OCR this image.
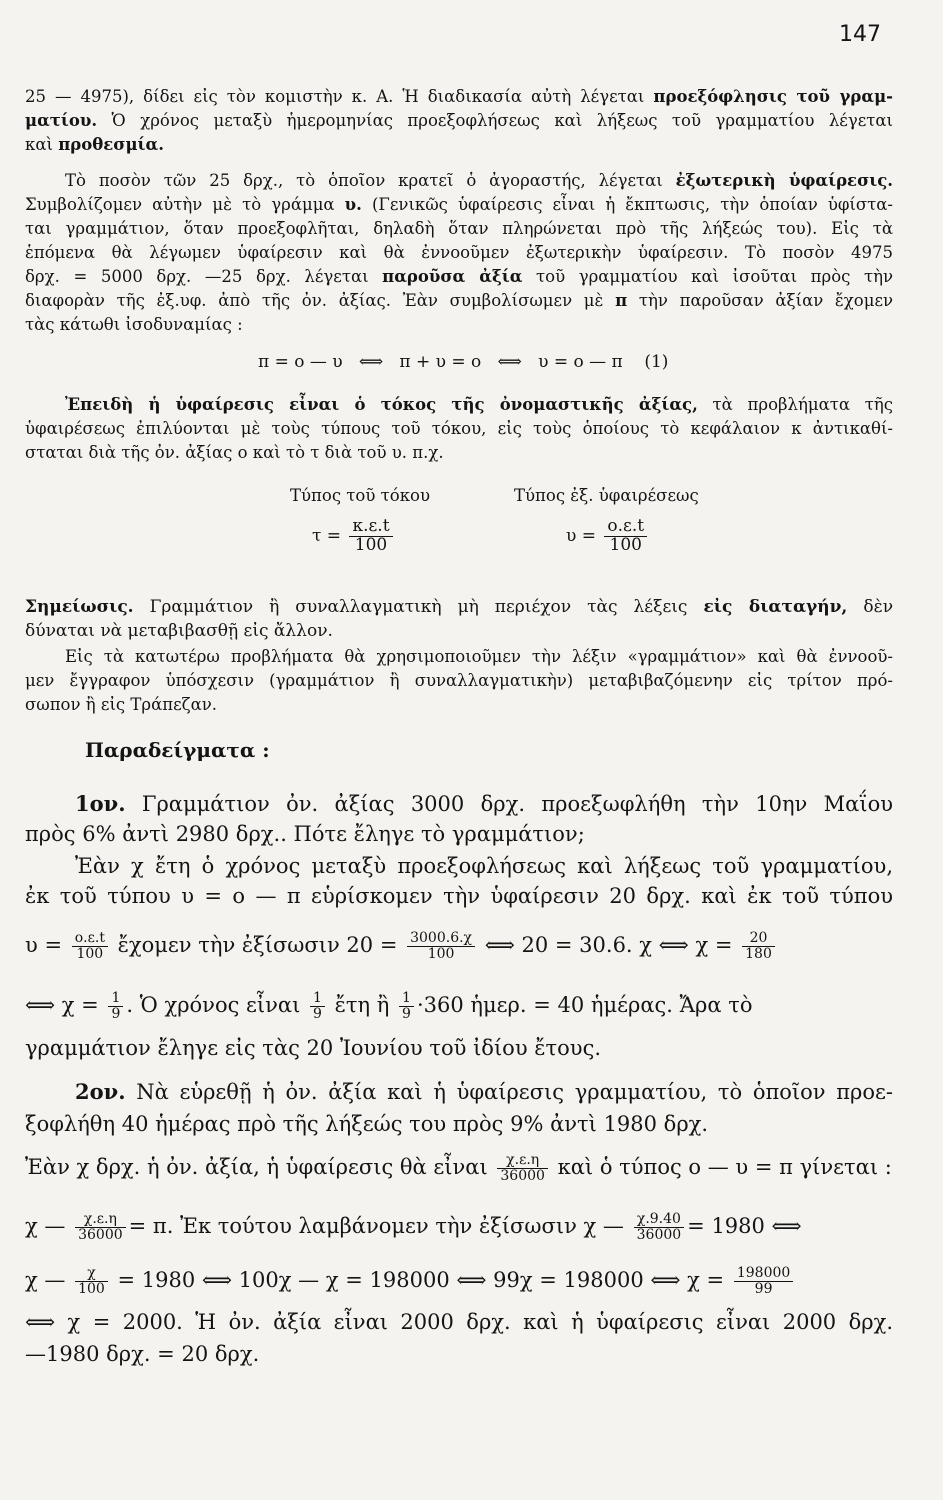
147
25 — 4975), δίδει εἰς τὸν κομιστὴν κ. Α. Ἡ διαδικασία αὐτὴ λέγεται προεξόφλησις τοῦ γραμ-
ματίου. Ὁ χρόνος μεταξὺ ἡμερομηνίας προεξοφλήσεως καὶ λήξεως τοῦ γραμματίου λέγεται
καὶ προθεσμία.
Τὸ ποσὸν τῶν 25 δρχ., τὸ ὁποῖον κρατεῖ ὁ ἀγοραστής, λέγεται ἐξωτερικὴ ὑφαίρεσις.
Συμβολίζομεν αὐτὴν μὲ τὸ γράμμα υ. (Γενικῶς ὑφαίρεσις εἶναι ἡ ἔκπτωσις, τὴν ὁποίαν ὑφίστα-
ται γραμμάτιον, ὅταν προεξοφλῆται, δηλαδὴ ὅταν πληρώνεται πρὸ τῆς λήξεώς του). Εἰς τὰ
ἑπόμενα θὰ λέγωμεν ὑφαίρεσιν καὶ θὰ ἐννοοῦμεν ἐξωτερικὴν ὑφαίρεσιν. Τὸ ποσὸν 4975
δρχ. = 5000 δρχ. —25 δρχ. λέγεται παροῦσα ἀξία τοῦ γραμματίου καὶ ἰσοῦται πρὸς τὴν
διαφορὰν τῆς ἐξ.υφ. ἀπὸ τῆς ὀν. ἀξίας. Ἐὰν συμβολίσωμεν μὲ π τὴν παροῦσαν ἀξίαν ἔχομεν
τὰς κάτωθι ἰσοδυναμίας :
π = ο — υ ⟺ π + υ = ο ⟺ υ = ο — π (1)
Ἐπειδὴ ἡ ὑφαίρεσις εἶναι ὁ τόκος τῆς ὀνομαστικῆς ἀξίας, τὰ προβλήματα τῆς
ὑφαιρέσεως ἐπιλύονται μὲ τοὺς τύπους τοῦ τόκου, εἰς τοὺς ὁποίους τὸ κεφάλαιον κ ἀντικαθί-
σταται διὰ τῆς ὀν. ἀξίας ο καὶ τὸ τ διὰ τοῦ υ. π.χ.
Τύπος τοῦ τόκου	Τύπος ἐξ. ὑφαιρέσεως
$\tau = \frac{\kappa.\varepsilon.t}{100}$	$\upsilon = \frac{o.\varepsilon.t}{100}$
Σημείωσις. Γραμμάτιον ἢ συναλλαγματικὴ μὴ περιέχον τὰς λέξεις εἰς διαταγήν, δὲν
δύναται νὰ μεταβιβασθῇ εἰς ἄλλον.
Εἰς τὰ κατωτέρω προβλήματα θὰ χρησιμοποιοῦμεν τὴν λέξιν «γραμμάτιον» καὶ θὰ ἐννοοῦ-
μεν ἔγγραφον ὑπόσχεσιν (γραμμάτιον ἢ συναλλαγματικὴν) μεταβιβαζόμενην εἰς τρίτον πρό-
σωπον ἢ εἰς Τράπεζαν.
Παραδείγματα :
1ον. Γραμμάτιον ὀν. ἀξίας 3000 δρχ. προεξωφλήθη τὴν 10ην Μαΐου
πρὸς 6% ἀντὶ 2980 δρχ.. Πότε ἔληγε τὸ γραμμάτιον;
Ἐὰν χ ἔτη ὁ χρόνος μεταξὺ προεξοφλήσεως καὶ λήξεως τοῦ γραμματίου,
ἐκ τοῦ τύπου υ = ο — π εὑρίσκομεν τὴν ὑφαίρεσιν 20 δρχ. καὶ ἐκ τοῦ τύπου
$\upsilon = \frac{o.\varepsilon.t}{100}$ ἔχομεν τὴν ἐξίσωσιν $20 = \frac{3000.6.\chi}{100}$ ⟺ 20 = 30.6. χ ⟺ $\chi = \frac{20}{180}$
⟺ $\chi = \frac{1}{9}$ . Ὁ χρόνος εἶναι $\frac{1}{9}$ ἔτη ἢ $\frac{1}{9} \cdot 360$ ἡμερ. = 40 ἡμέρας. Ἄρα τὸ
γραμμάτιον ἔληγε εἰς τὰς 20 Ἰουνίου τοῦ ἰδίου ἔτους.
2ον. Νὰ εὑρεθῇ ἡ ὀν. ἀξία καὶ ἡ ὑφαίρεσις γραμματίου, τὸ ὁποῖον προε-
ξοφλήθη 40 ἡμέρας πρὸ τῆς λήξεώς του πρὸς 9% ἀντὶ 1980 δρχ.
Ἐὰν χ δρχ. ἡ ὀν. ἀξία, ἡ ὑφαίρεσις θὰ εἶναι $\frac{\chi.\varepsilon.\eta}{36000}$ καὶ ὁ τύπος ο — υ = π γίνεται :
χ — $\frac{\chi.\varepsilon.\eta}{36000} = \pi$. Ἐκ τούτου λαμβάνομεν τὴν ἐξίσωσιν χ — $\frac{\chi.9.40}{36000} = 1980$ ⟺
χ — $\frac{\chi}{100} = 1980$ ⟺ 100χ — χ = 198000 ⟺ 99χ = 198000 ⟺ $\chi = \frac{198000}{99}$
⟺ χ = 2000. Ἡ ὀν. ἀξία εἶναι 2000 δρχ. καὶ ἡ ὑφαίρεσις εἶναι 2000 δρχ.
—1980 δρχ. = 20 δρχ.
